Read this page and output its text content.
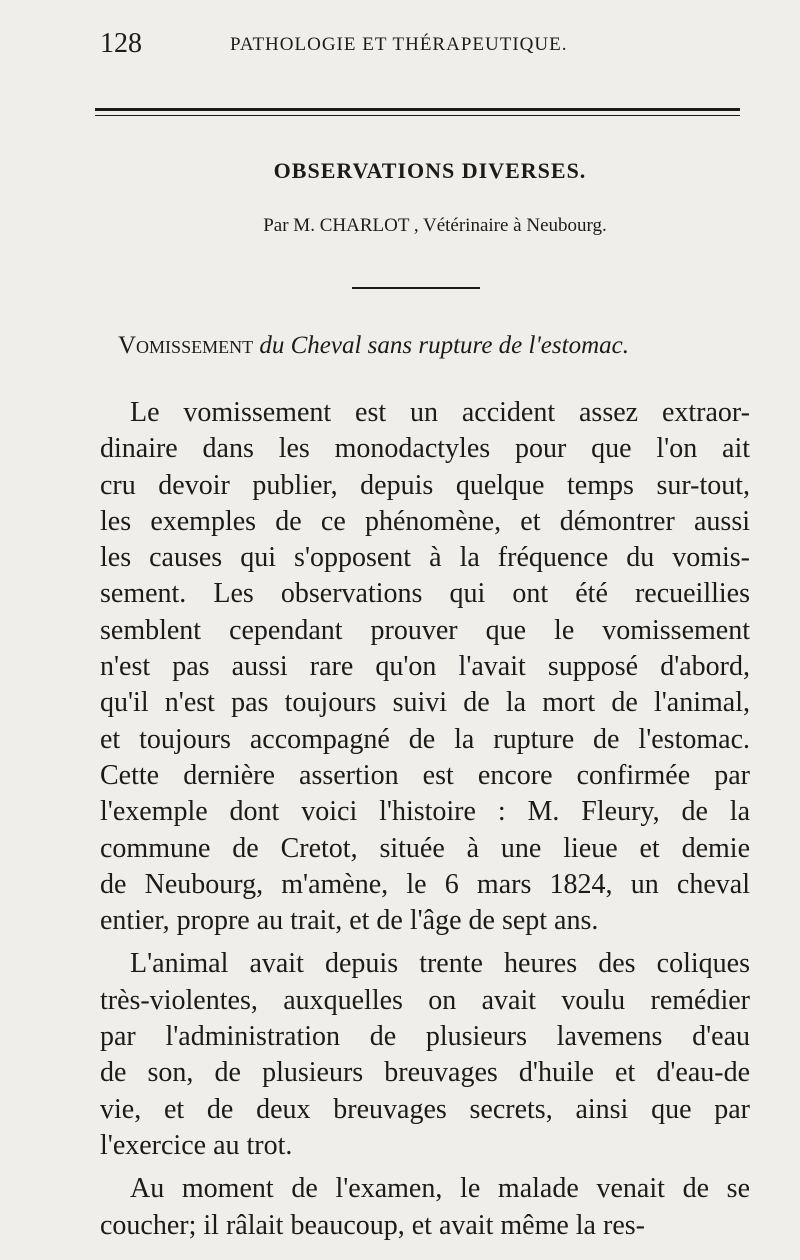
128	PATHOLOGIE ET THÉRAPEUTIQUE.
OBSERVATIONS DIVERSES.
Par M. CHARLOT , Vétérinaire à Neubourg.
Vomissement du Cheval sans rupture de l'estomac.
Le vomissement est un accident assez extraor-
dinaire dans les monodactyles pour que l'on ait
cru devoir publier, depuis quelque temps sur-tout,
les exemples de ce phénomène, et démontrer aussi
les causes qui s'opposent à la fréquence du vomis-
sement. Les observations qui ont été recueillies
semblent cependant prouver que le vomissement
n'est pas aussi rare qu'on l'avait supposé d'abord,
qu'il n'est pas toujours suivi de la mort de l'animal,
et toujours accompagné de la rupture de l'estomac.
Cette dernière assertion est encore confirmée par
l'exemple dont voici l'histoire : M. Fleury, de la
commune de Cretot, située à une lieue et demie
de Neubourg, m'amène, le 6 mars 1824, un cheval
entier, propre au trait, et de l'âge de sept ans.
L'animal avait depuis trente heures des coliques
très-violentes, auxquelles on avait voulu remédier
par l'administration de plusieurs lavemens d'eau
de son, de plusieurs breuvages d'huile et d'eau-de
vie, et de deux breuvages secrets, ainsi que par
l'exercice au trot.
Au moment de l'examen, le malade venait de se
coucher; il râlait beaucoup, et avait même la res-
